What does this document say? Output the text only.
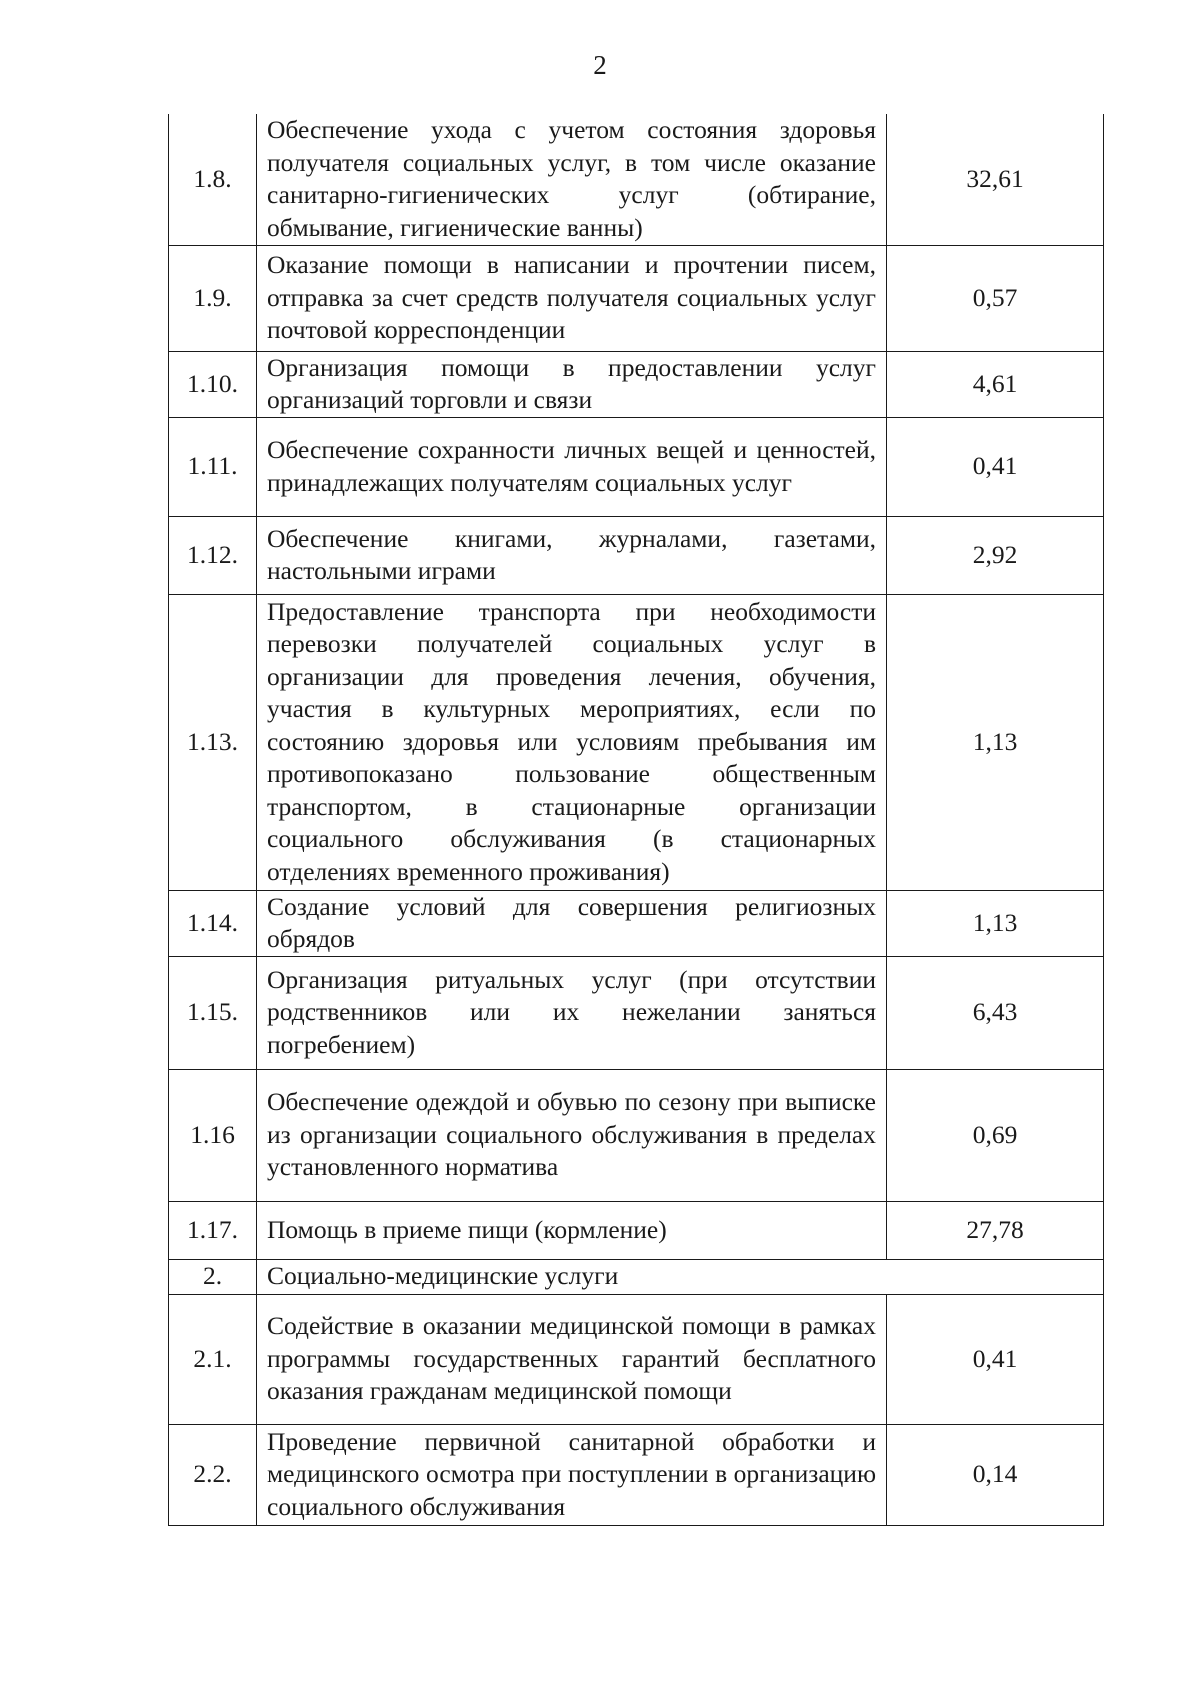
2
1.8.	Обеспечение ухода с учетом состояния здоровья получателя социальных услуг, в том числе оказание санитарно-гигиенических услуг (обтирание, обмывание, гигиенические ванны)	32,61
1.9.	Оказание помощи в написании и прочтении писем, отправка за счет средств получателя социальных услуг почтовой корреспонденции	0,57
1.10.	Организация помощи в предоставлении услуг организаций торговли и связи	4,61
1.11.	Обеспечение сохранности личных вещей и ценностей, принадлежащих получателям социальных услуг	0,41
1.12.	Обеспечение книгами, журналами, газетами, настольными играми	2,92
1.13.	Предоставление транспорта при необходимости перевозки получателей социальных услуг в организации для проведения лечения, обучения, участия в культурных мероприятиях, если по состоянию здоровья или условиям пребывания им противопоказано пользование общественным транспортом, в стационарные организации социального обслуживания (в стационарных отделениях временного проживания)	1,13
1.14.	Создание условий для совершения религиозных обрядов	1,13
1.15.	Организация ритуальных услуг (при отсутствии родственников или их нежелании заняться погребением)	6,43
1.16	Обеспечение одеждой и обувью по сезону при выписке из организации социального обслуживания в пределах установленного норматива	0,69
1.17.	Помощь в приеме пищи (кормление)	27,78
2.	Социально-медицинские услуги	
2.1.	Содействие в оказании медицинской помощи в рамках программы государственных гарантий бесплатного оказания гражданам медицинской помощи	0,41
2.2.	Проведение первичной санитарной обработки и медицинского осмотра при поступлении в организацию социального обслуживания	0,14
